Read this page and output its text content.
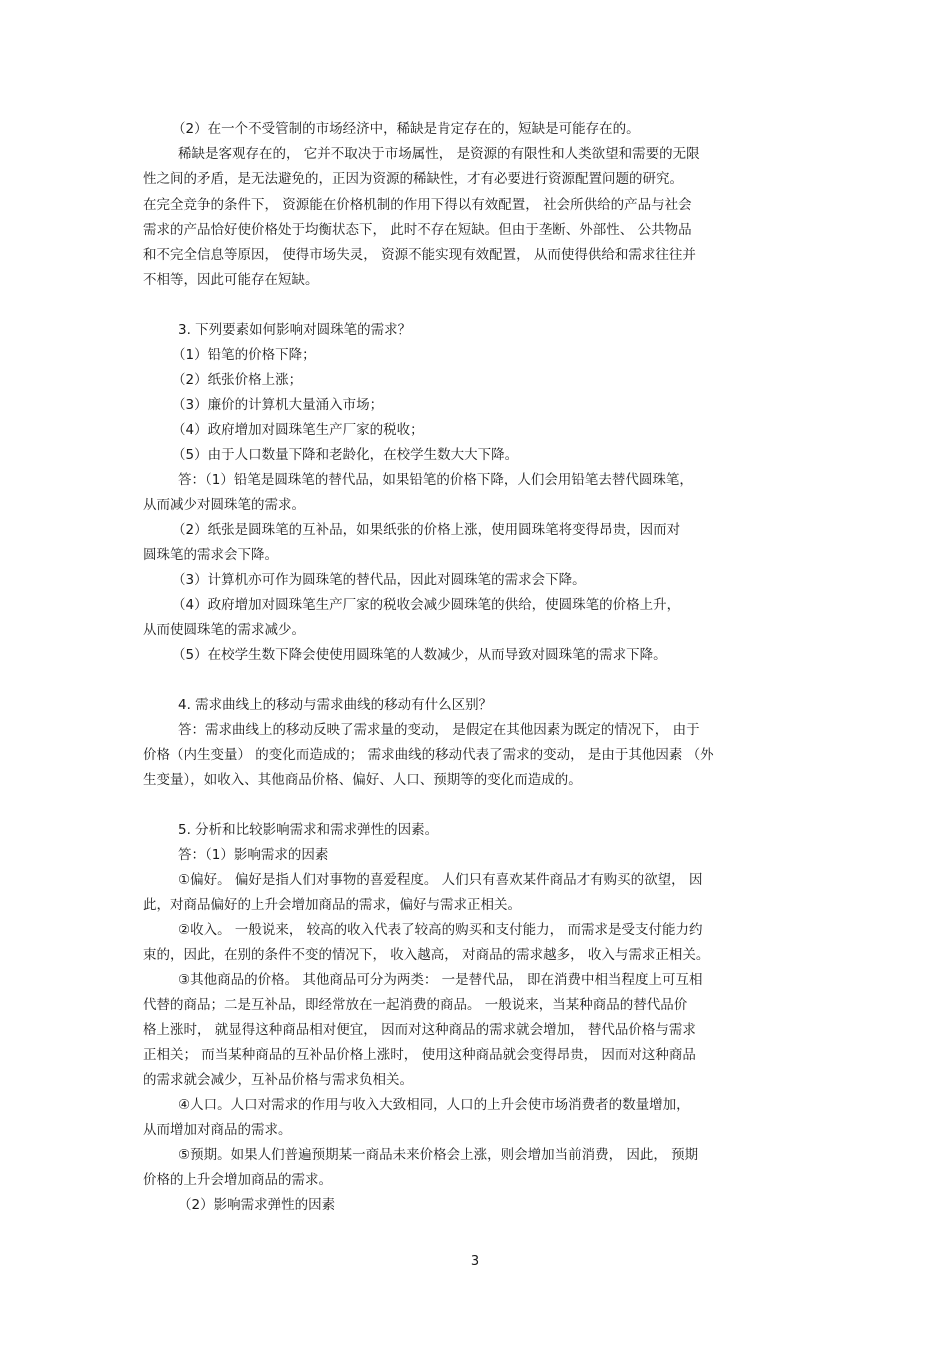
（2）在一个不受管制的市场经济中，稀缺是肯定存在的，短缺是可能存在的。
稀缺是客观存在的， 它并不取决于市场属性， 是资源的有限性和人类欲望和需要的无限
性之间的矛盾，是无法避免的，正因为资源的稀缺性，才有必要进行资源配置问题的研究。
在完全竞争的条件下， 资源能在价格机制的作用下得以有效配置， 社会所供给的产品与社会
需求的产品恰好使价格处于均衡状态下， 此时不存在短缺。但由于垄断、外部性、 公共物品
和不完全信息等原因， 使得市场失灵， 资源不能实现有效配置， 从而使得供给和需求往往并
不相等，因此可能存在短缺。
3. 下列要素如何影响对圆珠笔的需求？
（1）铅笔的价格下降；
（2）纸张价格上涨；
（3）廉价的计算机大量涌入市场；
（4）政府增加对圆珠笔生产厂家的税收；
（5）由于人口数量下降和老龄化，在校学生数大大下降。
答：（1）铅笔是圆珠笔的替代品，如果铅笔的价格下降，人们会用铅笔去替代圆珠笔，
从而减少对圆珠笔的需求。
（2）纸张是圆珠笔的互补品，如果纸张的价格上涨，使用圆珠笔将变得昂贵，因而对
圆珠笔的需求会下降。
（3）计算机亦可作为圆珠笔的替代品，因此对圆珠笔的需求会下降。
（4）政府增加对圆珠笔生产厂家的税收会减少圆珠笔的供给，使圆珠笔的价格上升，
从而使圆珠笔的需求减少。
（5）在校学生数下降会使使用圆珠笔的人数减少，从而导致对圆珠笔的需求下降。
4. 需求曲线上的移动与需求曲线的移动有什么区别？
答：需求曲线上的移动反映了需求量的变动， 是假定在其他因素为既定的情况下， 由于
价格（内生变量） 的变化而造成的； 需求曲线的移动代表了需求的变动， 是由于其他因素 （外
生变量），如收入、其他商品价格、偏好、人口、预期等的变化而造成的。
5. 分析和比较影响需求和需求弹性的因素。
答：（1）影响需求的因素
①偏好。 偏好是指人们对事物的喜爱程度。 人们只有喜欢某件商品才有购买的欲望， 因
此，对商品偏好的上升会增加商品的需求，偏好与需求正相关。
②收入。 一般说来， 较高的收入代表了较高的购买和支付能力， 而需求是受支付能力约
束的，因此，在别的条件不变的情况下， 收入越高， 对商品的需求越多， 收入与需求正相关。
③其他商品的价格。 其他商品可分为两类： 一是替代品， 即在消费中相当程度上可互相
代替的商品；二是互补品，即经常放在一起消费的商品。 一般说来，当某种商品的替代品价
格上涨时， 就显得这种商品相对便宜， 因而对这种商品的需求就会增加， 替代品价格与需求
正相关； 而当某种商品的互补品价格上涨时， 使用这种商品就会变得昂贵， 因而对这种商品
的需求就会减少，互补品价格与需求负相关。
④人口。人口对需求的作用与收入大致相同，人口的上升会使市场消费者的数量增加，
从而增加对商品的需求。
⑤预期。如果人们普遍预期某一商品未来价格会上涨，则会增加当前消费， 因此， 预期
价格的上升会增加商品的需求。
（2）影响需求弹性的因素
3
